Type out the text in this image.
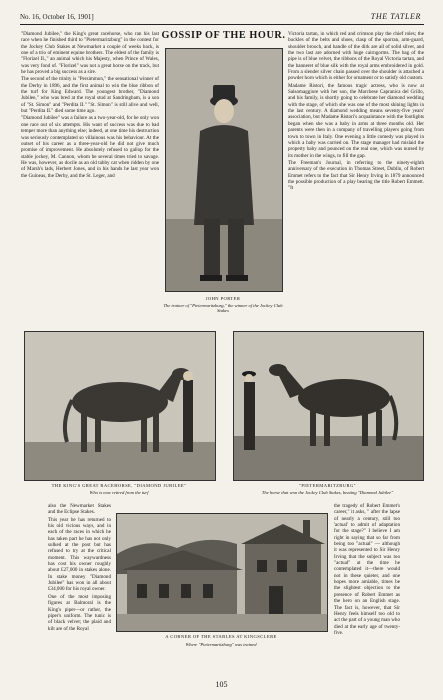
No. 16, October 16, 1901]	THE TATLER
GOSSIP OF THE HOUR.

"Diamond Jubilee," the King's great racehorse, who ran his last race when he finished third to "Pietermaritzburg" in the contest for the Jockey Club Stakes at Newmarket a couple of weeks back, is one of a trio of eminent equine brothers. The eldest of the family is "Florizel II.," an animal which his Majesty, when Prince of Wales, was very fond of. "Florizel" was not a great horse on the track, but he has proved a big success as a sire.

The second of the trinity is "Persimmon," the sensational winner of the Derby in 1896, and the first animal to win the blue ribbon of the turf for King Edward. The youngest brother, "Diamond Jubilee," who was bred at the royal stud at Sandringham, is a son of "St. Simon" and "Perdita II." "St. Simon" is still alive and well, but "Perdita II." died some time ago.

"Diamond Jubilee" was a failure as a two-year-old, for he only won one race out of six attempts. His want of success was due to bad temper more than anything else; indeed, at one time his destruction was seriously contemplated so villainous was his behaviour. At the outset of his career as a three-year-old he did not give much promise of improvement. He absolutely refused to gallop for the stable jockey, M. Cannon, whom he several times tried to savage. He was, however, as docile as an old tabby cat when ridden by one of Marsh's lads, Herbert Jones, and in his hands he last year won the Guineas, the Derby, and the St. Leger, and

JOHN PORTER
The trainer of "Pietermaritzburg," the winner of the Jockey Club Stakes

Victoria tartan, in which red and crimson play the chief roles; the buckles of the belts and shoes, clasp of the sporran, arm-guard, shoulder brooch, and handle of the dirk are all of solid silver, and the two last are adorned with huge cairngorms. The bag of the pipe is of blue velvet, the ribbons of the Royal Victoria tartan, and the banneret of blue silk with the royal arms embroidered in gold. From a slender silver chain passed over the shoulder is attached a powder horn which is either for ornament or to satisfy old custom.

Madame Ristori, the famous tragic actress, who is now at Salsomaggiore with her son, the Marchese Capranica del Grillo, and his family, is shortly going to celebrate her diamond wedding with the stage, of which she was one of the most shining lights in the last century. A diamond wedding means seventy-five years' association, but Madame Ristori's acquaintance with the footlights began when she was a baby in arms at three months old. Her parents were then in a company of travelling players going from town to town in Italy. One evening a little comedy was played in which a baby was carried on. The stage manager had mislaid the property baby and pounced on the real one, which was nursed by its mother in the wings, to fill the gap.

The Freeman's Journal, in referring to the ninety-eighth anniversary of the execution in Thomas Street, Dublin, of Robert Emmet refers to the fact that Sir Henry Irving in 1879 announced the possible production of a play bearing the title Robert Emmett. "It

THE KING'S GREAT RACEHORSE, "DIAMOND JUBILEE"
Who is now retired from the turf
"PIETERMARITZBURG"
The horse that won the Jockey Club Stakes, beating "Diamond Jubilee"

also the Newmarket Stakes and the Eclipse Stakes.

This year he has returned to his old vicious ways, and in each of the races in which he has taken part he has not only sulked at the post but has refused to try at the critical moment. This waywardness has cost his owner roughly about £27,000 in stakes alone. In stake money "Diamond Jubilee" has won in all about £34,000 for his royal owner.

One of the most imposing figures at Balmoral is the King's piper—or rather, the piper's uniform. The tunic is of black velvet; the plaid and kilt are of the Royal

A CORNER OF THE STABLES AT KINGSCLERE
Where "Pietermaritzburg" was trained

the tragedy of Robert Emmet's career," it asks, " after the lapse of nearly a century, still too 'actual' to admit of adaptation for the stage?" I believe I am right in saying that so far from being too "actual" — although it was represented to Sir Henry Irving that the subject was too "actual" at the time he contemplated it—there would not in these quieter, and one hopes more amiable, times be the slightest objection to the presence of Robert Emmet as the hero on an English stage. The fact is, however, that Sir Henry feels himself too old to act the part of a young man who died at the early age of twenty-five.

105
